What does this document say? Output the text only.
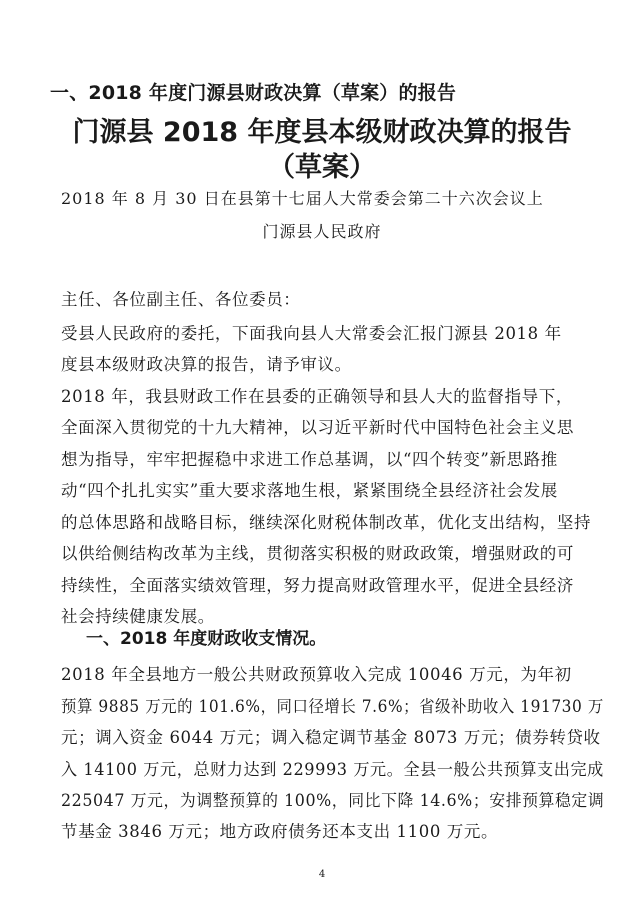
一、2018 年度门源县财政决算（草案）的报告
门源县 2018 年度县本级财政决算的报告
（草案）
2018 年 8 月 30 日在县第十七届人大常委会第二十六次会议上
门源县人民政府
主任、各位副主任、各位委员：
受县人民政府的委托，下面我向县人大常委会汇报门源县 2018 年
度县本级财政决算的报告，请予审议。
2018 年，我县财政工作在县委的正确领导和县人大的监督指导下，
全面深入贯彻党的十九大精神，以习近平新时代中国特色社会主义思
想为指导，牢牢把握稳中求进工作总基调，以“四个转变”新思路推
动“四个扎扎实实”重大要求落地生根，紧紧围绕全县经济社会发展
的总体思路和战略目标，继续深化财税体制改革，优化支出结构，坚持
以供给侧结构改革为主线，贯彻落实积极的财政政策，增强财政的可
持续性，全面落实绩效管理，努力提高财政管理水平，促进全县经济
社会持续健康发展。
一、2018 年度财政收支情况。
2018 年全县地方一般公共财政预算收入完成 10046 万元，为年初
预算 9885 万元的 101.6%，同口径增长 7.6%；省级补助收入 191730 万
元；调入资金 6044 万元；调入稳定调节基金 8073 万元；债券转贷收
入 14100 万元，总财力达到 229993 万元。全县一般公共预算支出完成
225047 万元，为调整预算的 100%，同比下降 14.6%；安排预算稳定调
节基金 3846 万元；地方政府债务还本支出 1100 万元。
4
